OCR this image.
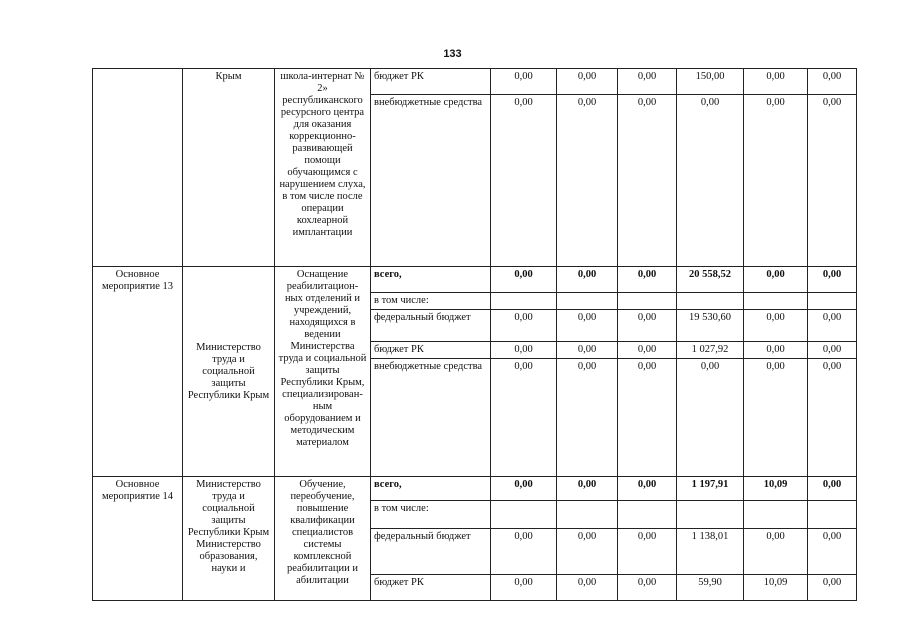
133
	Крым	школа-интернат № 2» республиканского ресурсного центра для оказания коррекционно-развивающей помощи обучающимся с нарушением слуха, в том числе после операции кохлеарной имплантации	бюджет РК	0,00	0,00	0,00	150,00	0,00	0,00
			внебюджетные средства	0,00	0,00	0,00	0,00	0,00	0,00
Основное мероприятие 13	Министерство труда и социальной защиты Республики Крым	Оснащение реабилитацион-ных отделений и учреждений, находящихся в ведении Министерства труда и социальной защиты Республики Крым, специализирован-ным оборудованием и методическим материалом	всего,	0,00	0,00	0,00	20 558,52	0,00	0,00
			в том числе:						
			федеральный бюджет	0,00	0,00	0,00	19 530,60	0,00	0,00
			бюджет РК	0,00	0,00	0,00	1 027,92	0,00	0,00
			внебюджетные средства	0,00	0,00	0,00	0,00	0,00	0,00
Основное мероприятие 14	Министерство труда и социальной защиты Республики Крым Министерство образования, науки и	Обучение, переобучение, повышение квалификации специалистов системы комплексной реабилитации и абилитации	всего,	0,00	0,00	0,00	1 197,91	10,09	0,00
			в том числе:						
			федеральный бюджет	0,00	0,00	0,00	1 138,01	0,00	0,00
			бюджет РК	0,00	0,00	0,00	59,90	10,09	0,00
